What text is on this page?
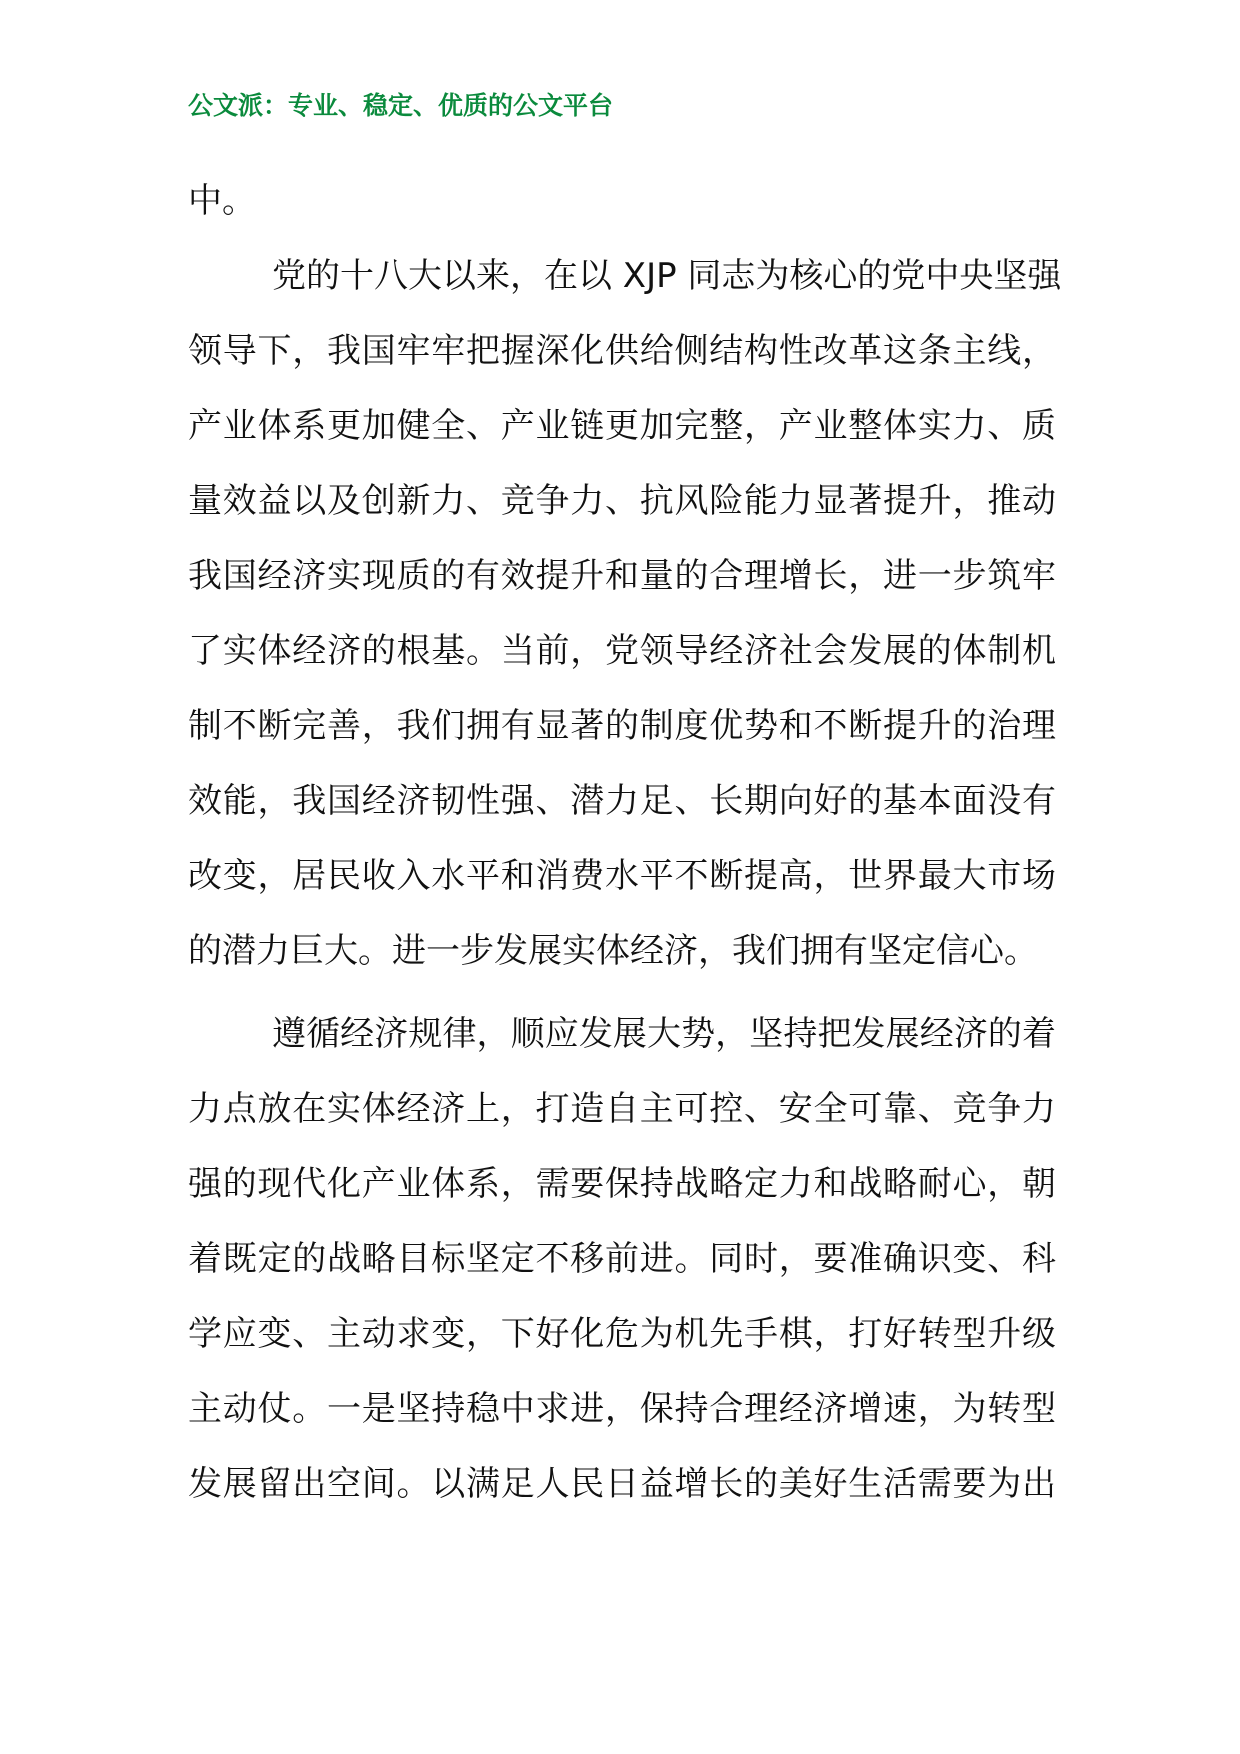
公文派：专业、稳定、优质的公文平台
中。
党的十八大以来，在以 XJP 同志为核心的党中央坚强
领导下，我国牢牢把握深化供给侧结构性改革这条主线，
产业体系更加健全、产业链更加完整，产业整体实力、质
量效益以及创新力、竞争力、抗风险能力显著提升，推动
我国经济实现质的有效提升和量的合理增长，进一步筑牢
了实体经济的根基。当前，党领导经济社会发展的体制机
制不断完善，我们拥有显著的制度优势和不断提升的治理
效能，我国经济韧性强、潜力足、长期向好的基本面没有
改变，居民收入水平和消费水平不断提高，世界最大市场
的潜力巨大。进一步发展实体经济，我们拥有坚定信心。
遵循经济规律，顺应发展大势，坚持把发展经济的着
力点放在实体经济上，打造自主可控、安全可靠、竞争力
强的现代化产业体系，需要保持战略定力和战略耐心，朝
着既定的战略目标坚定不移前进。同时，要准确识变、科
学应变、主动求变，下好化危为机先手棋，打好转型升级
主动仗。一是坚持稳中求进，保持合理经济增速，为转型
发展留出空间。以满足人民日益增长的美好生活需要为出
